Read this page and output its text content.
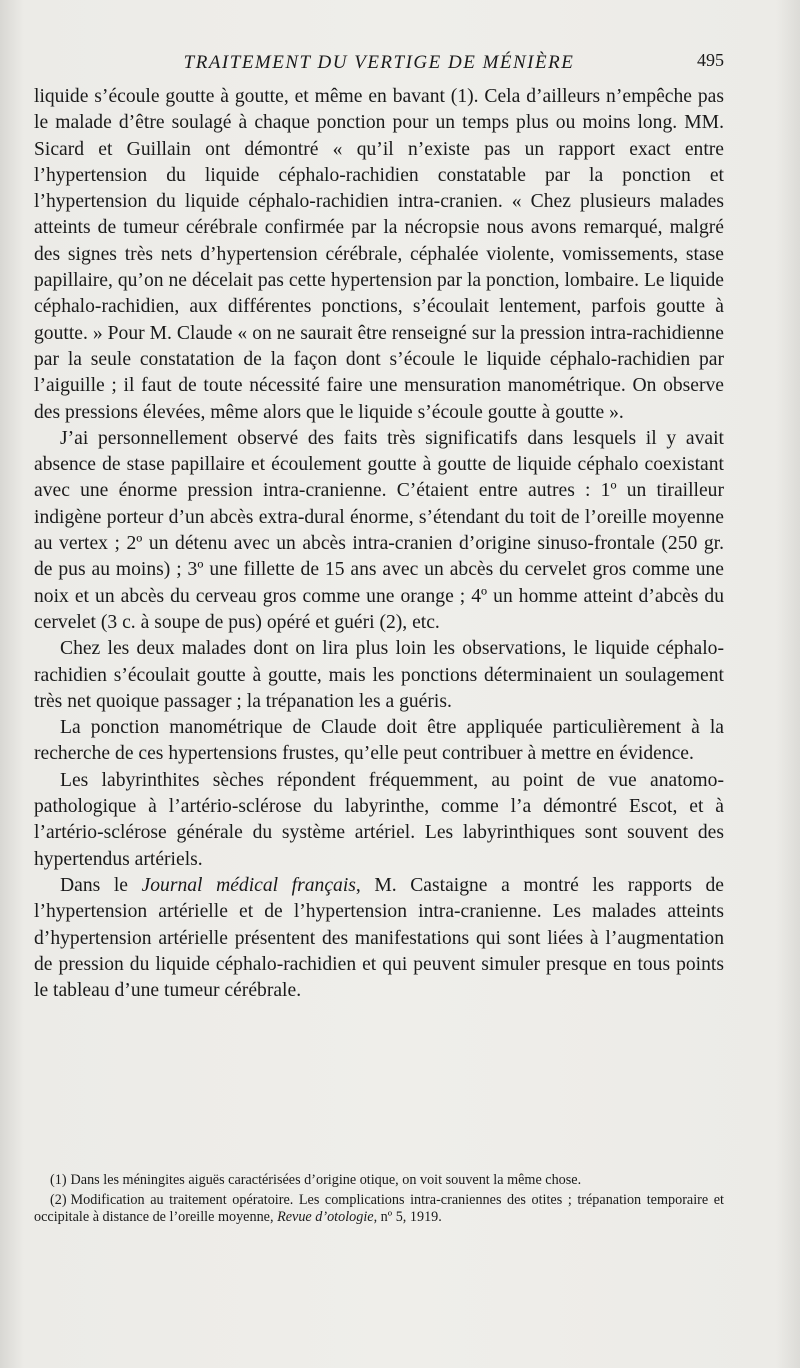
TRAITEMENT DU VERTIGE DE MÉNIÈRE	495

liquide s’écoule goutte à goutte, et même en bavant (1). Cela d’ailleurs n’empêche pas le malade d’être soulagé à chaque ponction pour un temps plus ou moins long. MM. Sicard et Guillain ont démontré « qu’il n’existe pas un rapport exact entre l’hypertension du liquide céphalo-rachidien constatable par la ponction et l’hypertension du liquide céphalo-rachidien intra-cranien. « Chez plusieurs malades atteints de tumeur cérébrale confirmée par la nécropsie nous avons remarqué, malgré des signes très nets d’hypertension cérébrale, céphalée violente, vomissements, stase papillaire, qu’on ne décelait pas cette hypertension par la ponction, lombaire. Le liquide céphalo-rachidien, aux différentes ponctions, s’écoulait lentement, parfois goutte à goutte. » Pour M. Claude « on ne saurait être renseigné sur la pression intra-rachidienne par la seule constatation de la façon dont s’écoule le liquide céphalo-rachidien par l’aiguille ; il faut de toute nécessité faire une mensuration manométrique. On observe des pressions élevées, même alors que le liquide s’écoule goutte à goutte ».

J’ai personnellement observé des faits très significatifs dans lesquels il y avait absence de stase papillaire et écoulement goutte à goutte de liquide céphalo coexistant avec une énorme pression intra-cranienne. C’étaient entre autres : 1º un tirailleur indigène porteur d’un abcès extra-dural énorme, s’étendant du toit de l’oreille moyenne au vertex ; 2º un détenu avec un abcès intra-cranien d’origine sinuso-frontale (250 gr. de pus au moins) ; 3º une fillette de 15 ans avec un abcès du cervelet gros comme une noix et un abcès du cerveau gros comme une orange ; 4º un homme atteint d’abcès du cervelet (3 c. à soupe de pus) opéré et guéri (2), etc.

Chez les deux malades dont on lira plus loin les observations, le liquide céphalo-rachidien s’écoulait goutte à goutte, mais les ponctions déterminaient un soulagement très net quoique passager ; la trépanation les a guéris.

La ponction manométrique de Claude doit être appliquée particulièrement à la recherche de ces hypertensions frustes, qu’elle peut contribuer à mettre en évidence.

Les labyrinthites sèches répondent fréquemment, au point de vue anatomo-pathologique à l’artério-sclérose du labyrinthe, comme l’a démontré Escot, et à l’artério-sclérose générale du système artériel. Les labyrinthiques sont souvent des hypertendus artériels.

Dans le Journal médical français, M. Castaigne a montré les rapports de l’hypertension artérielle et de l’hypertension intra-cranienne. Les malades atteints d’hypertension artérielle présentent des manifestations qui sont liées à l’augmentation de pression du liquide céphalo-rachidien et qui peuvent simuler presque en tous points le tableau d’une tumeur cérébrale.

(1) Dans les méningites aiguës caractérisées d’origine otique, on voit souvent la même chose.

(2) Modification au traitement opératoire. Les complications intra-craniennes des otites ; trépanation temporaire et occipitale à distance de l’oreille moyenne, Revue d’otologie, nº 5, 1919.
